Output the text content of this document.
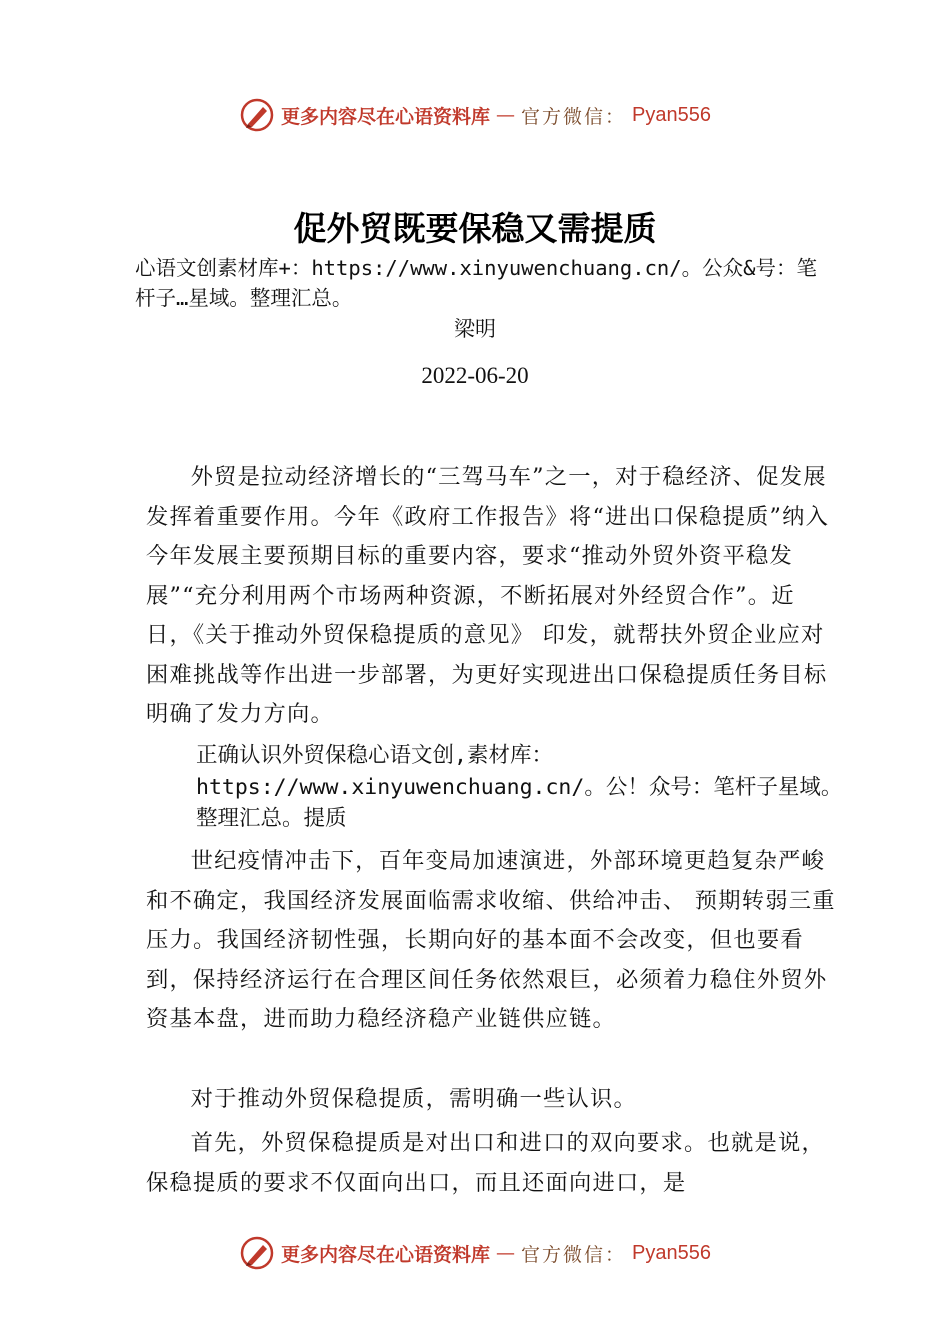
更多内容尽在心语资料库 — 官方微信： Pyan556
促外贸既要保稳又需提质
心语文创素材库+：https://www.xinyuwenchuang.cn/。公众&号：笔杆子…星域。整理汇总。
梁明
2022-06-20

外贸是拉动经济增长的“三驾马车”之一，对于稳经济、促发展发挥着重要作用。今年《政府工作报告》将“进出口保稳提质”纳入今年发展主要预期目标的重要内容，要求“推动外贸外资平稳发展”“充分利用两个市场两种资源，不断拓展对外经贸合作”。近日，《关于推动外贸保稳提质的意见》 印发，就帮扶外贸企业应对困难挑战等作出进一步部署，为更好实现进出口保稳提质任务目标明确了发力方向。

正确认识外贸保稳心语文创,素材库：https://www.xinyuwenchuang.cn/。公！众号：笔杆子星域。整理汇总。提质

世纪疫情冲击下，百年变局加速演进，外部环境更趋复杂严峻和不确定，我国经济发展面临需求收缩、供给冲击、 预期转弱三重压力。我国经济韧性强，长期向好的基本面不会改变，但也要看到，保持经济运行在合理区间任务依然艰巨，必须着力稳住外贸外资基本盘，进而助力稳经济稳产业链供应链。

对于推动外贸保稳提质，需明确一些认识。

首先，外贸保稳提质是对出口和进口的双向要求。也就是说，保稳提质的要求不仅面向出口，而且还面向进口，是

更多内容尽在心语资料库 — 官方微信： Pyan556
